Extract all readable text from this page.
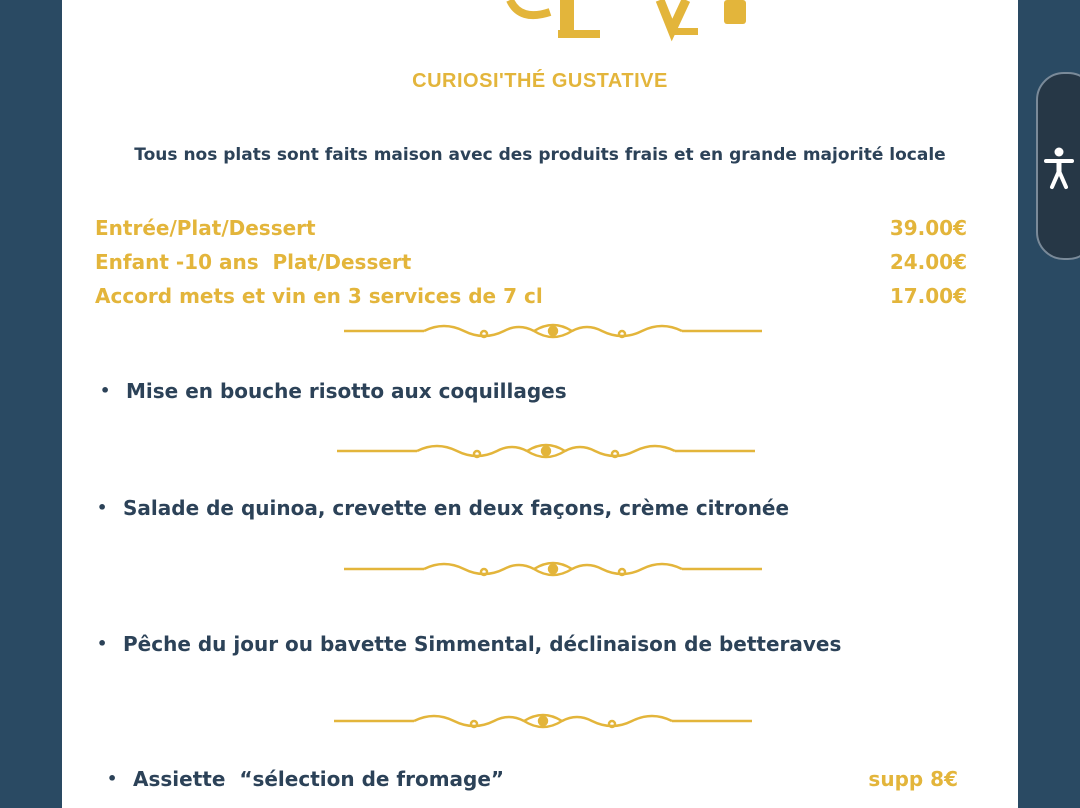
CURIOSI'THÉ GUSTATIVE
Tous nos plats sont faits maison avec des produits frais et en grande majorité locale
Entrée/Plat/Dessert	39.00€
Enfant -10 ans  Plat/Dessert	24.00€
Accord mets et vin en 3 services de 7 cl	17.00€
• Mise en bouche risotto aux coquillages
• Salade de quinoa, crevette en deux façons, crème citronée
• Pêche du jour ou bavette Simmental, déclinaison de betteraves
• Assiette  “sélection de fromage”	supp 8€
